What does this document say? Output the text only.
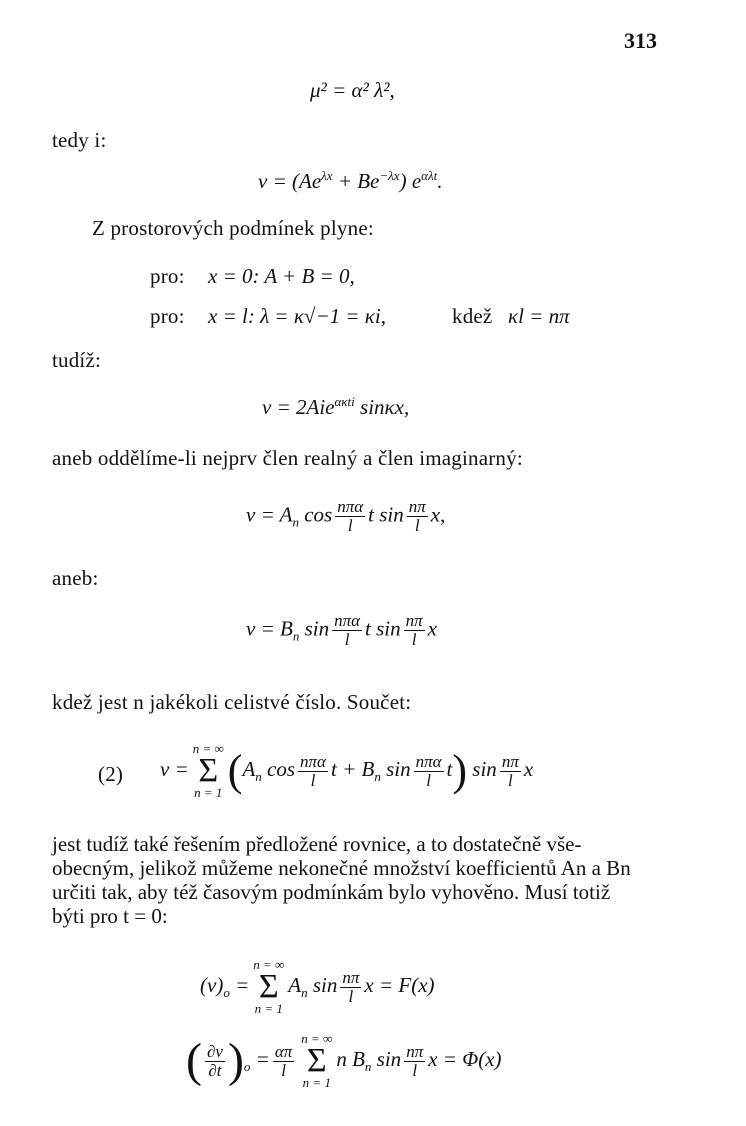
313
μ² = α² λ²,
tedy i:
$v = (Ae^{\lambda x} + Be^{-\lambda x})$ $e^{\alpha\lambda t}$.
Z prostorových podmínek plyne:
pro: x = 0: A + B = 0,
pro: x = l: λ = κ√−1 = κi,	kdež κl = nπ
tudíž:
v = 2Aie$^{\alpha\kappa ti}$ sinκx,
aneb oddělíme-li nejprv člen realný a člen imaginarný:
$v = A_n$ $\cos \frac{\text{nπα}}{l}$ t $\sin \frac{n\pi}{l} x$,
aneb:
$v = B_n$ $\sin \frac{\text{nπα}}{l}$ t $\sin \frac{n\pi}{l}$ x
kdež jest n jakékoli celistvé číslo. Součet:
(2) v =
n = ∞
Σ
n = 1 ($A_n$ $\cos \frac{\text{nπα}}{l}$ $t + B_n$ $\sin \frac{\text{nπα}}{l} t$) $\sin \frac{n\pi}{l}$ x
jest tudíž také řešením předložené rovnice, a to dostatečně vše-
obecným, jelikož můžeme nekonečné množství koefficientů An a Bn
určiti tak, aby též časovým podmínkám bylo vyhověno. Musí totiž
býti pro t = 0:
$(v)_o$ =
n = ∞
Σ
n = 1
$A_n$ $\sin \frac{n\pi}{l}$ x = F(x)
( $\frac{\partial v}{\partial t} )_o = \frac{\alpha\pi}{l}$
n = ∞
Σ
n = 1
n $B_n$ $\sin \frac{n\pi}{l}$ x = Φ(x)
